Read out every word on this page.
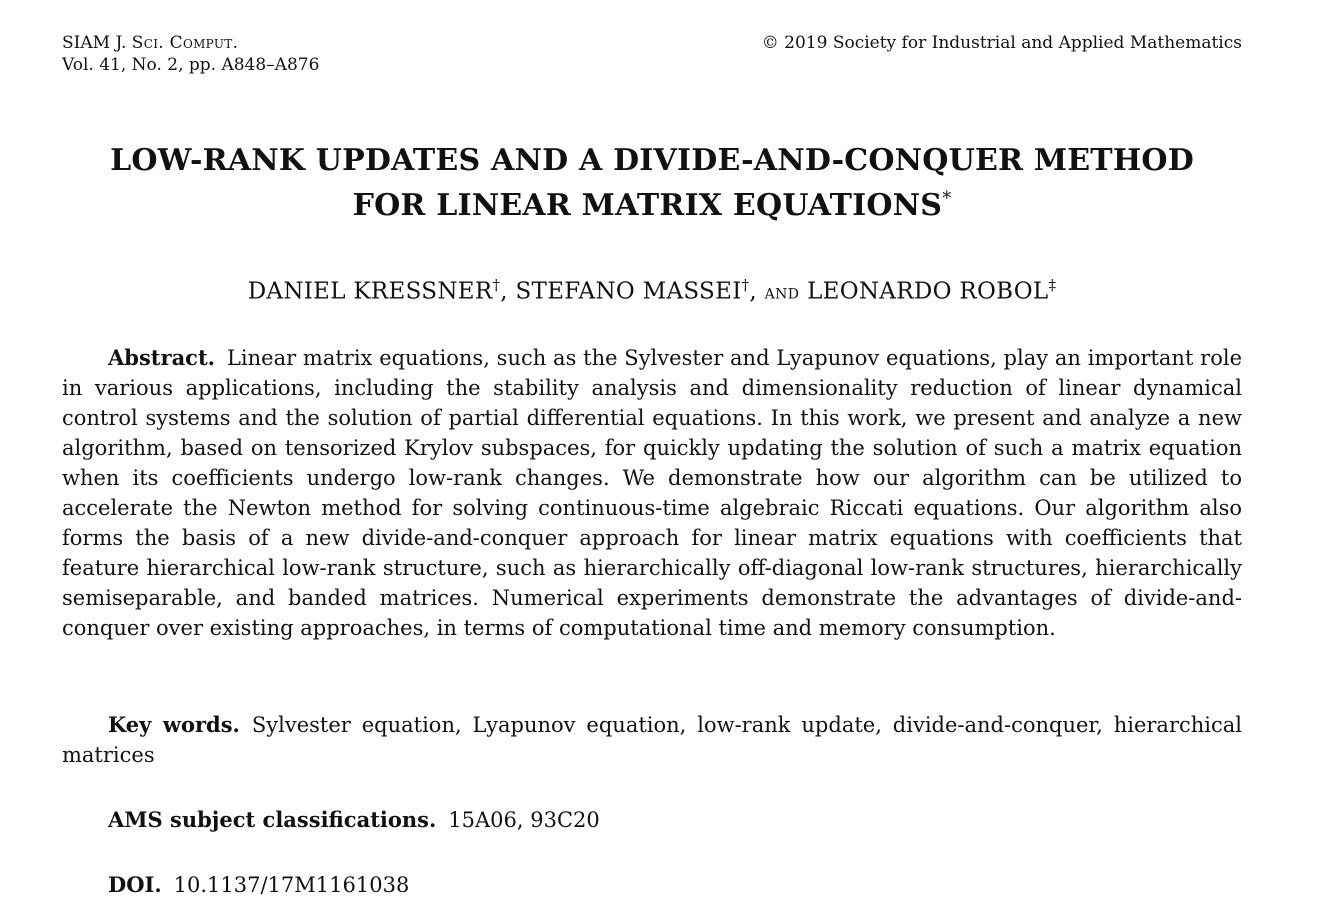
SIAM J. Sci. Comput.
Vol. 41, No. 2, pp. A848–A876
© 2019 Society for Industrial and Applied Mathematics
LOW-RANK UPDATES AND A DIVIDE-AND-CONQUER METHOD
FOR LINEAR MATRIX EQUATIONS*
DANIEL KRESSNER†, STEFANO MASSEI†, and LEONARDO ROBOL‡
Abstract. Linear matrix equations, such as the Sylvester and Lyapunov equations, play an important role in various applications, including the stability analysis and dimensionality reduction of linear dynamical control systems and the solution of partial differential equations. In this work, we present and analyze a new algorithm, based on tensorized Krylov subspaces, for quickly updating the solution of such a matrix equation when its coefficients undergo low-rank changes. We demonstrate how our algorithm can be utilized to accelerate the Newton method for solving continuous-time algebraic Riccati equations. Our algorithm also forms the basis of a new divide-and-conquer approach for linear matrix equations with coefficients that feature hierarchical low-rank structure, such as hierarchically off-diagonal low-rank structures, hierarchically semiseparable, and banded matrices. Numerical experiments demonstrate the advantages of divide-and-conquer over existing approaches, in terms of computational time and memory consumption.
Key words. Sylvester equation, Lyapunov equation, low-rank update, divide-and-conquer, hierarchical matrices
AMS subject classifications. 15A06, 93C20
DOI. 10.1137/17M1161038
